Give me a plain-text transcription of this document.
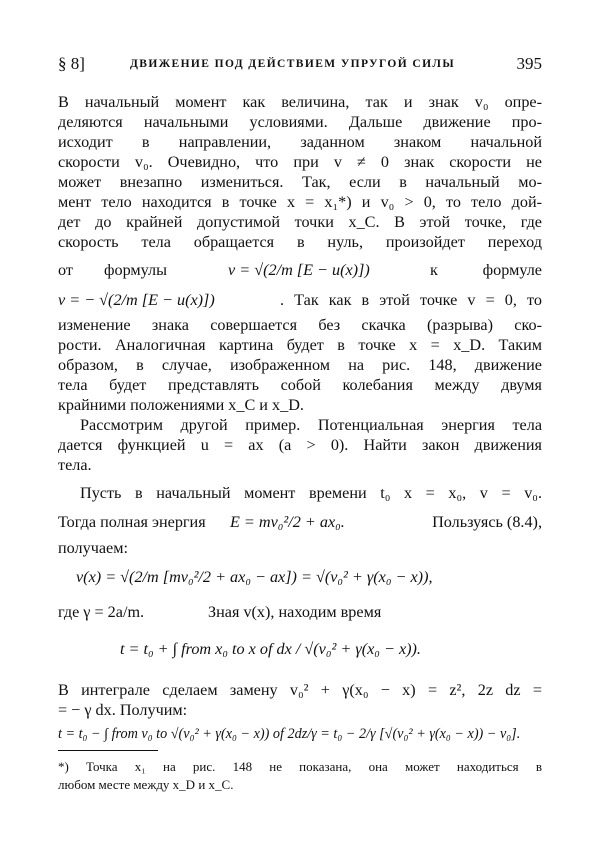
§ 8]	ДВИЖЕНИЕ ПОД ДЕЙСТВИЕМ УПРУГОЙ СИЛЫ	395
В начальный момент как величина, так и знак v₀ опре-
деляются начальными условиями. Дальше движение про-
исходит в направлении, заданном знаком начальной
скорости v₀. Очевидно, что при v ≠ 0 знак скорости не
может внезапно измениться. Так, если в начальный мо-
мент тело находится в точке x = x₁*) и v₀ > 0, то тело дой-
дет до крайней допустимой точки x_C. В этой точке, где
скорость тела обращается в нуль, произойдет переход
от формулы	v = √(2/m [E − u(x)])	к	формуле
v = − √(2/m [E − u(x)])	. Так как в этой точке v = 0, то
изменение знака совершается без скачка (разрыва) ско-
рости. Аналогичная картина будет в точке x = x_D. Таким
образом, в случае, изображенном на рис. 148, движение
тела будет представлять собой колебания между двумя
крайними положениями x_C и x_D.
Рассмотрим другой пример. Потенциальная энергия тела
дается функцией u = ax (a > 0). Найти закон движения
тела.
Пусть в начальный момент времени t₀ x = x₀, v = v₀.
Тогда полная энергия E = mv₀²/2 + ax₀.	Пользуясь (8.4),
получаем:
v(x) = √(2/m [mv₀²/2 + ax₀ − ax]) = √(v₀² + γ(x₀ − x)),
где γ = 2a/m.	Зная v(x), находим время
t = t₀ + ∫ from x₀ to x of dx / √(v₀² + γ(x₀ − x)).
В интеграле сделаем замену v₀² + γ(x₀ − x) = z², 2z dz =
= − γ dx. Получим:
t = t₀ − ∫ from v₀ to √(v₀² + γ(x₀ − x)) of 2dz/γ = t₀ − 2/γ [√(v₀² + γ(x₀ − x)) − v₀].
*) Точка x₁ на рис. 148 не показана, она может находиться в
любом месте между x_D и x_C.
